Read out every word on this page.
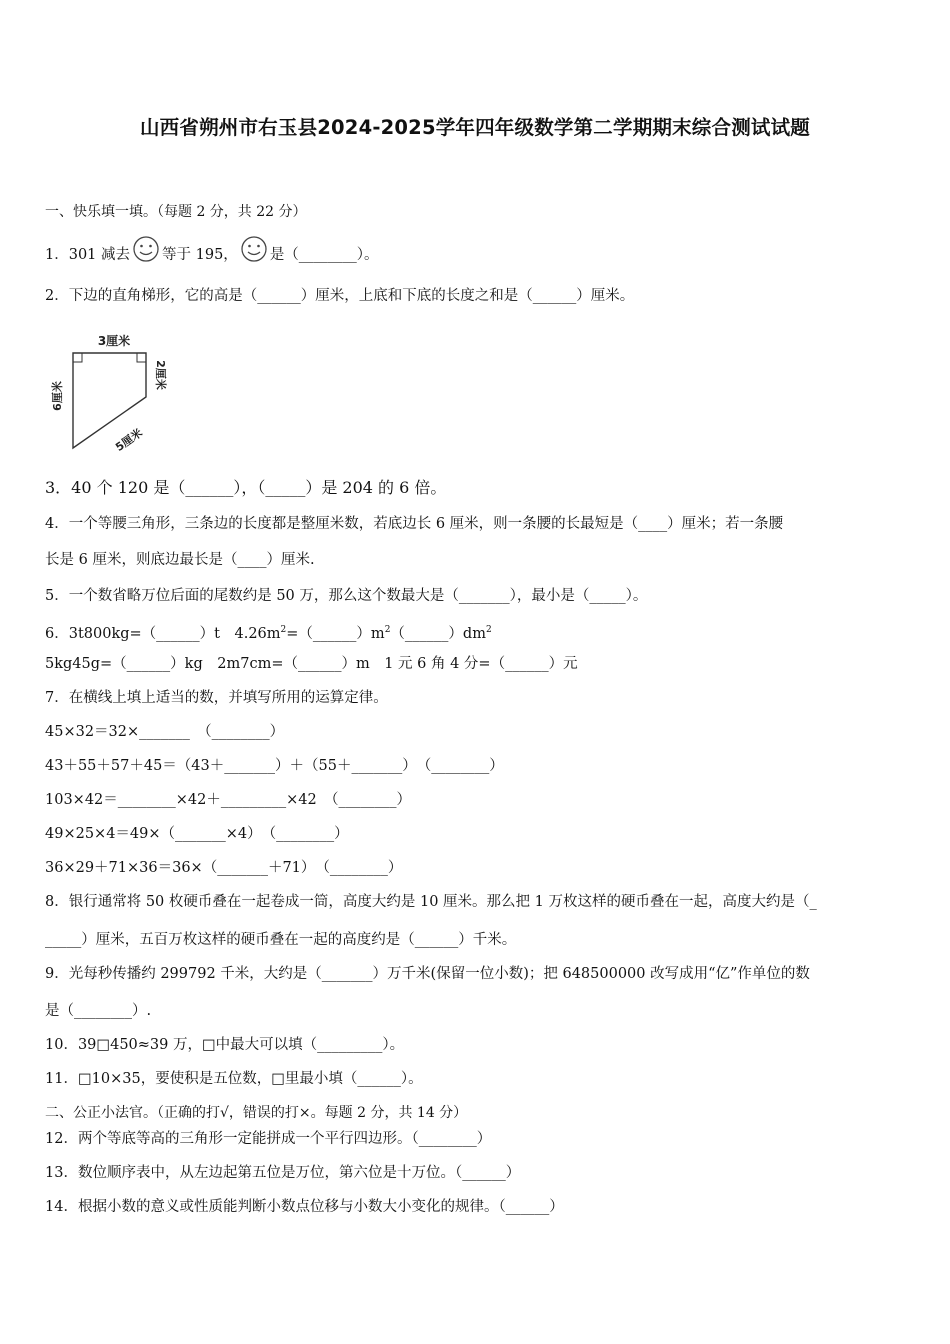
山西省朔州市右玉县2024-2025学年四年级数学第二学期期末综合测试试题
一、快乐填一填。（每题 2 分，共 22 分）
1．301 减去 等于 195， 是（________）。
2．下边的直角梯形，它的高是（______）厘米，上底和下底的长度之和是（______）厘米。
3厘米
2厘米
6厘米
5厘米
3．40 个 120 是（______），（_____）是 204 的 6 倍。
4．一个等腰三角形，三条边的长度都是整厘米数，若底边长 6 厘米，则一条腰的长最短是（____）厘米；若一条腰
长是 6 厘米，则底边最长是（____）厘米.
5．一个数省略万位后面的尾数约是 50 万，那么这个数最大是（_______），最小是（_____）。
6．3t800kg=（______）t　$4.26m^2=(\_\_\_\_\_\_)m^2(\_\_\_\_\_\_)dm^2$
5kg45g=（______）kg　2m7cm=（______）m　1 元 6 角 4 分=（______）元
7．在横线上填上适当的数，并填写所用的运算定律。
45×32＝32×_______　（________）
43＋55＋57＋45＝（43＋_______）＋（55＋_______）　（________）
103×42＝________×42＋_________×42　（________）
49×25×4＝49×（_______×4）　（________）
36×29＋71×36＝36×（_______＋71）　（________）
8．银行通常将 50 枚硬币叠在一起卷成一筒，高度大约是 10 厘米。那么把 1 万枚这样的硬币叠在一起，高度大约是（_
_____）厘米，五百万枚这样的硬币叠在一起的高度约是（______）千米。
9．光每秒传播约 299792 千米，大约是（_______）万千米(保留一位小数)；把 648500000 改写成用“亿”作单位的数
是（________）.
10．39□450≈39 万，□中最大可以填（_________）。
11．□10×35，要使积是五位数，□里最小填（______）。
二、公正小法官。（正确的打√，错误的打×。每题 2 分，共 14 分）
12．两个等底等高的三角形一定能拼成一个平行四边形。（________）
13．数位顺序表中，从左边起第五位是万位，第六位是十万位。（______）
14．根据小数的意义或性质能判断小数点位移与小数大小变化的规律。（______）
